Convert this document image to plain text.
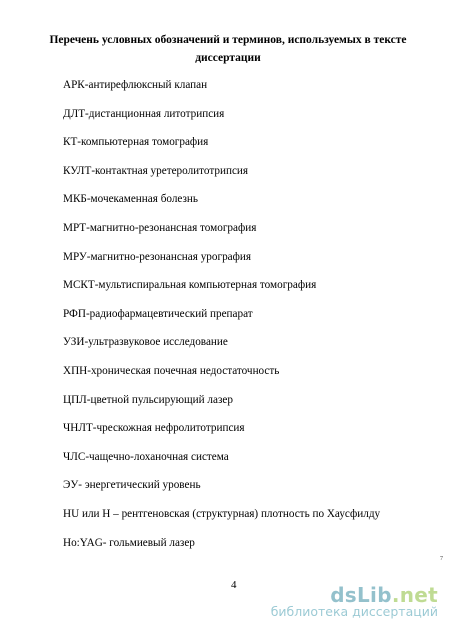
Перечень условных обозначений и терминов, используемых в тексте
диссертации
АРК-антирефлюксный клапан
ДЛТ-дистанционная литотрипсия
КТ-компьютерная томография
КУЛТ-контактная уретеролитотрипсия
МКБ-мочекаменная болезнь
МРТ-магнитно-резонансная томография
МРУ-магнитно-резонансная урография
МСКТ-мультиспиральная компьютерная томография
РФП-радиофармацевтический препарат
УЗИ-ультразвуковое исследование
ХПН-хроническая почечная недостаточность
ЦПЛ-цветной пульсирующий лазер
ЧНЛТ-чрескожная нефролитотрипсия
ЧЛС-чащечно-лоханочная система
ЭУ- энергетический уровень
HU или H – рентгеновская (структурная) плотность по Хаусфилду
Ho:YAG- гольмиевый лазер
7
4	dsLib.net
библиотека диссертаций
